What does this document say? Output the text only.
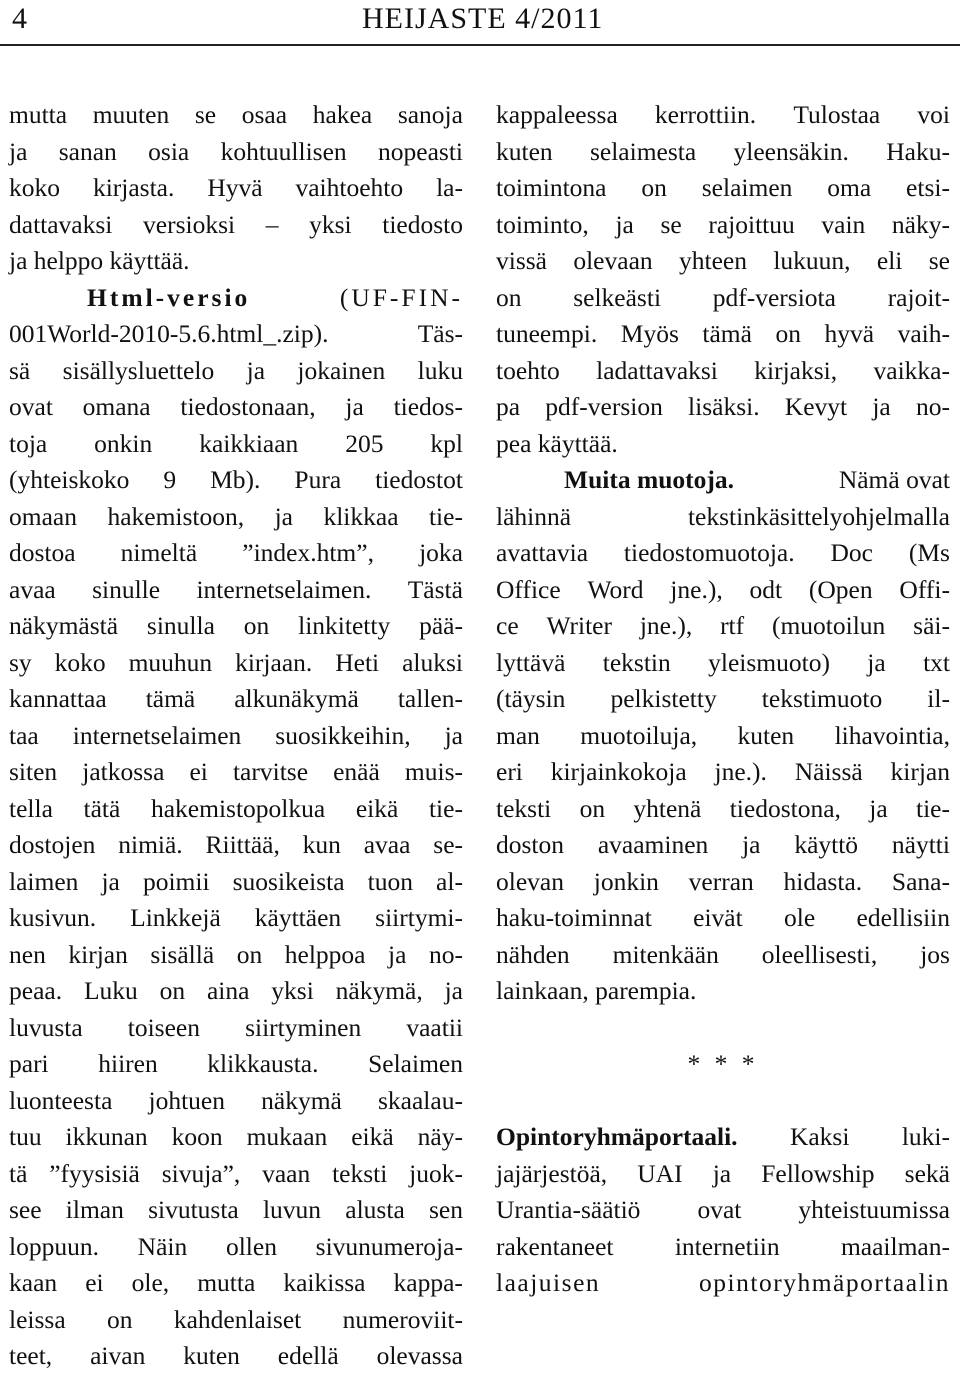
4	HEIJASTE 4/2011
mutta muuten se osaa hakea sanoja
ja sanan osia kohtuullisen nopeasti
koko kirjasta. Hyvä vaihtoehto la-
dattavaksi versioksi – yksi tiedosto
ja helppo käyttää.
Html-versio	(UF-FIN-
001World-2010-5.6.html_.zip).	Täs-
sä sisällysluettelo ja jokainen luku
ovat omana tiedostonaan, ja tiedos-
toja onkin kaikkiaan 205 kpl
(yhteiskoko 9 Mb). Pura tiedostot
omaan hakemistoon, ja klikkaa tie-
dostoa nimeltä ”index.htm”, joka
avaa sinulle internetselaimen. Tästä
näkymästä sinulla on linkitetty pää-
sy koko muuhun kirjaan. Heti aluksi
kannattaa tämä alkunäkymä tallen-
taa internetselaimen suosikkeihin, ja
siten jatkossa ei tarvitse enää muis-
tella tätä hakemistopolkua eikä tie-
dostojen nimiä. Riittää, kun avaa se-
laimen ja poimii suosikeista tuon al-
kusivun. Linkkejä käyttäen siirtymi-
nen kirjan sisällä on helppoa ja no-
peaa. Luku on aina yksi näkymä, ja
luvusta toiseen siirtyminen vaatii
pari hiiren klikkausta. Selaimen
luonteesta johtuen näkymä skaalau-
tuu ikkunan koon mukaan eikä näy-
tä ”fyysisiä sivuja”, vaan teksti juok-
see ilman sivutusta luvun alusta sen
loppuun. Näin ollen sivunumeroja-
kaan ei ole, mutta kaikissa kappa-
leissa on kahdenlaiset numeroviit-
teet, aivan kuten edellä olevassa
kappaleessa kerrottiin. Tulostaa voi
kuten selaimesta yleensäkin. Haku-
toimintona on selaimen oma etsi-
toiminto, ja se rajoittuu vain näky-
vissä olevaan yhteen lukuun, eli se
on selkeästi pdf-versiota rajoit-
tuneempi. Myös tämä on hyvä vaih-
toehto ladattavaksi kirjaksi, vaikka-
pa pdf-version lisäksi. Kevyt ja no-
pea käyttää.
Muita muotoja.	Nämä ovat
lähinnä	tekstinkäsittelyohjelmalla
avattavia tiedostomuotoja. Doc (Ms
Office Word jne.), odt (Open Offi-
ce Writer jne.), rtf (muotoilun säi-
lyttävä tekstin yleismuoto) ja txt
(täysin pelkistetty tekstimuoto il-
man muotoiluja, kuten lihavointia,
eri kirjainkokoja jne.). Näissä kirjan
teksti on yhtenä tiedostona, ja tie-
doston avaaminen ja käyttö näytti
olevan jonkin verran hidasta. Sana-
haku-toiminnat eivät ole edellisiin
nähden mitenkään oleellisesti, jos
lainkaan, parempia.
* * *
Opintoryhmäportaali. Kaksi luki-
jajärjestöä, UAI ja Fellowship sekä
Urantia-säätiö ovat yhteistuumissa
rakentaneet internetiin maailman-
laajuisen	opintoryhmäportaalin
